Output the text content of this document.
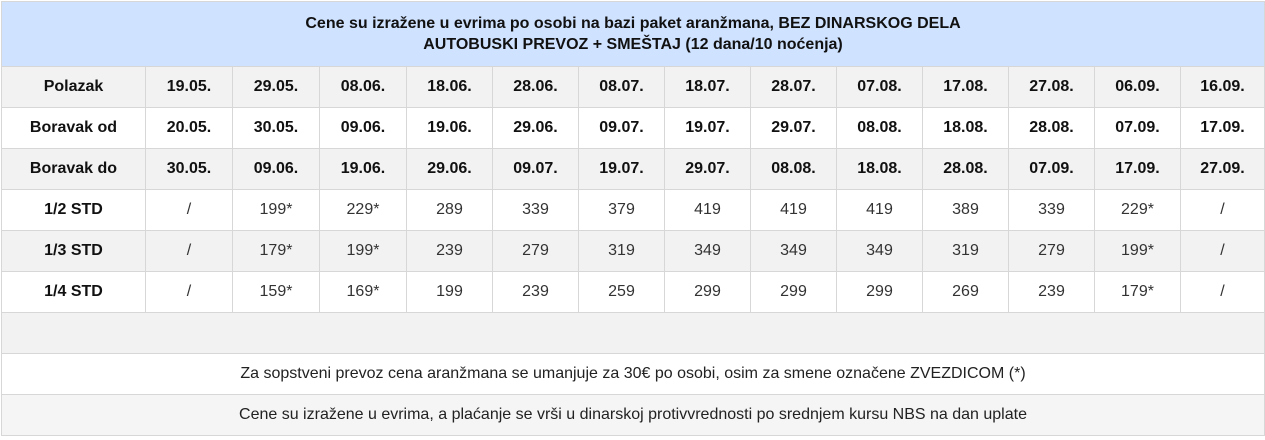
Cene su izražene u evrima po osobi na bazi paket aranžmana, BEZ DINARSKOG DELA
AUTOBUSKI PREVOZ + SMEŠTAJ (12 dana/10 noćenja)													

Polazak	19.05.	29.05.	08.06.	18.06.	28.06.	08.07.	18.07.	28.07.	07.08.	17.08.	27.08.	06.09.	16.09.
Boravak od	20.05.	30.05.	09.06.	19.06.	29.06.	09.07.	19.07.	29.07.	08.08.	18.08.	28.08.	07.09.	17.09.
Boravak do	30.05.	09.06.	19.06.	29.06.	09.07.	19.07.	29.07.	08.08.	18.08.	28.08.	07.09.	17.09.	27.09.
1/2 STD	/	199*	229*	289	339	379	419	419	419	389	339	229*	/
1/3 STD	/	179*	199*	239	279	319	349	349	349	319	279	199*	/
1/4 STD	/	159*	169*	199	239	259	299	299	299	269	239	179*	/

Za sopstveni prevoz cena aranžmana se umanjuje za 30€ po osobi, osim za smene označene ZVEZDICOM (*)													
Cene su izražene u evrima, a plaćanje se vrši u dinarskoj protivvrednosti po srednjem kursu NBS na dan uplate													
